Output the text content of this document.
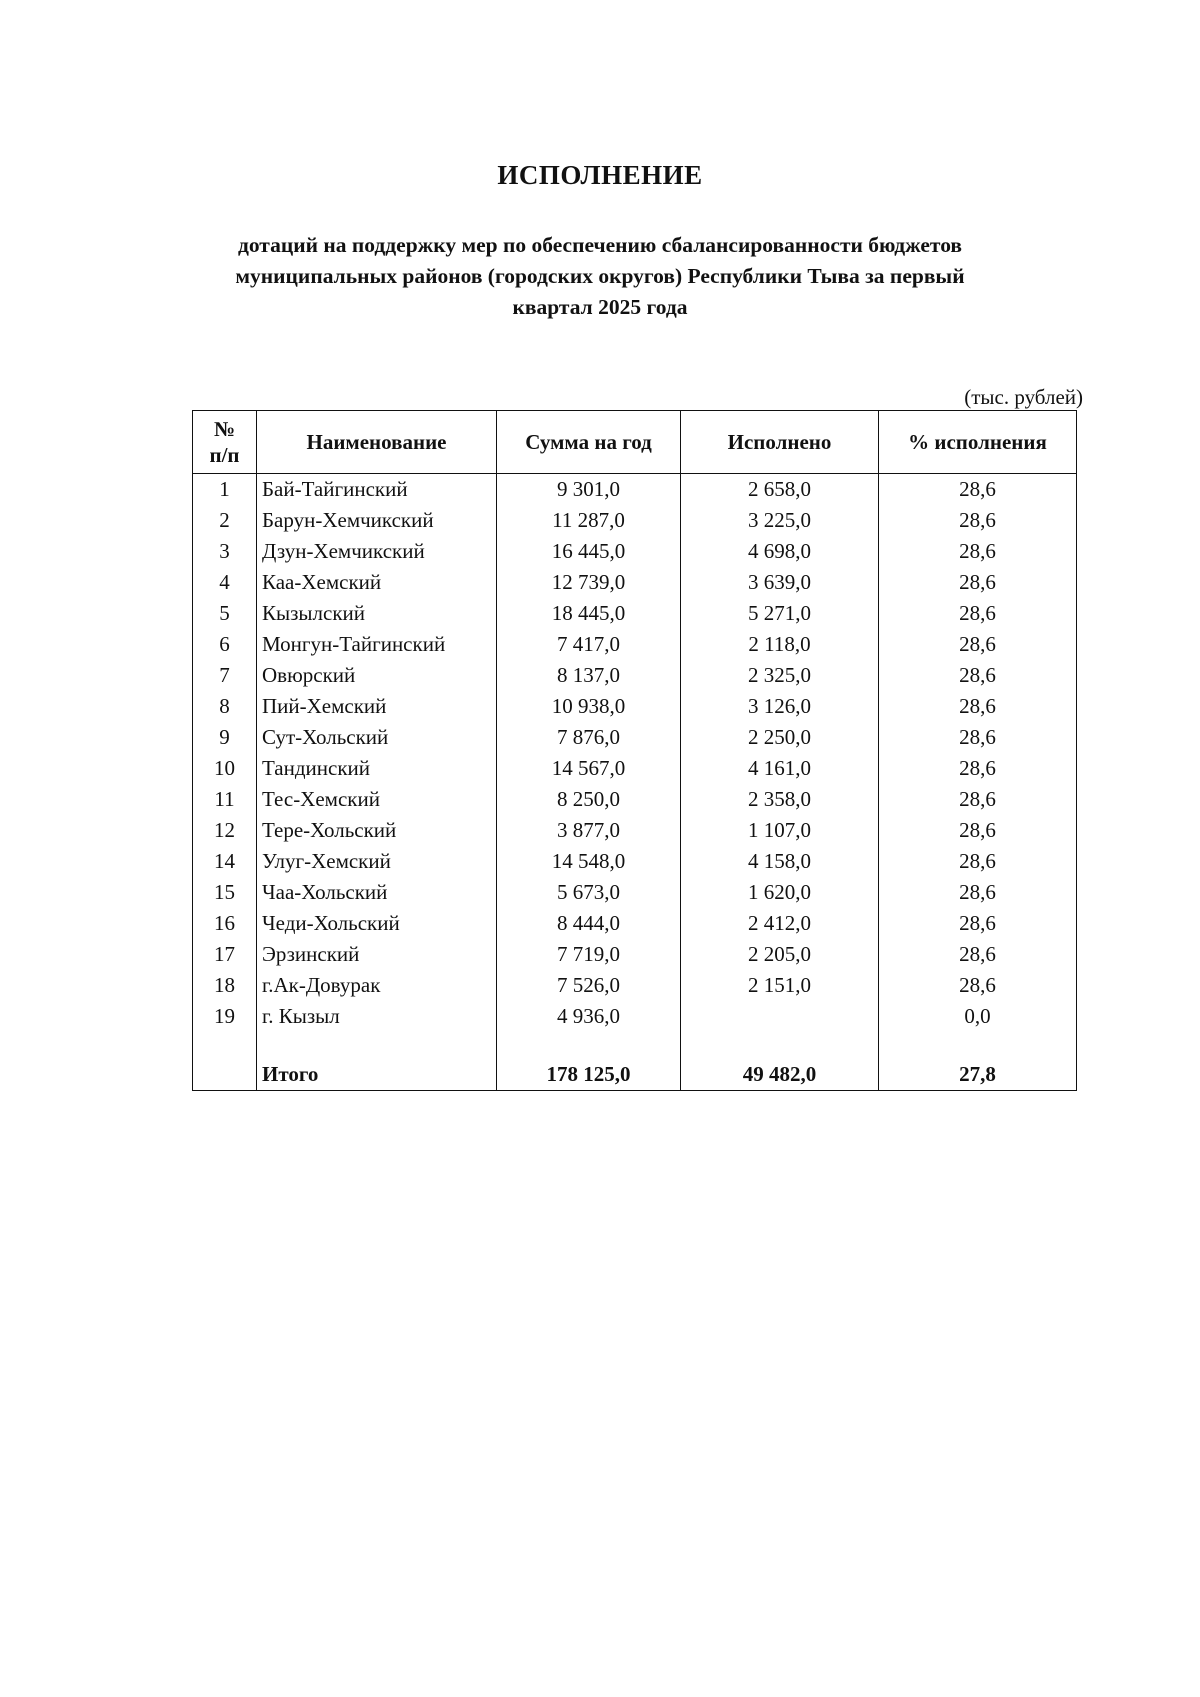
ИСПОЛНЕНИЕ
дотаций на поддержку мер по обеспечению сбалансированности бюджетов муниципальных районов (городских округов) Республики Тыва за первый квартал 2025 года
(тыс. рублей)
№
п/п	Наименование	Сумма на год	Исполнено	% исполнения
1	Бай-Тайгинский	9 301,0	2 658,0	28,6
2	Барун-Хемчикский	11 287,0	3 225,0	28,6
3	Дзун-Хемчикский	16 445,0	4 698,0	28,6
4	Каа-Хемский	12 739,0	3 639,0	28,6
5	Кызылский	18 445,0	5 271,0	28,6
6	Монгун-Тайгинский	7 417,0	2 118,0	28,6
7	Овюрский	8 137,0	2 325,0	28,6
8	Пий-Хемский	10 938,0	3 126,0	28,6
9	Сут-Хольский	7 876,0	2 250,0	28,6
10	Тандинский	14 567,0	4 161,0	28,6
11	Тес-Хемский	8 250,0	2 358,0	28,6
12	Тере-Хольский	3 877,0	1 107,0	28,6
14	Улуг-Хемский	14 548,0	4 158,0	28,6
15	Чаа-Хольский	5 673,0	1 620,0	28,6
16	Чеди-Хольский	8 444,0	2 412,0	28,6
17	Эрзинский	7 719,0	2 205,0	28,6
18	г.Ак-Довурак	7 526,0	2 151,0	28,6
19	г. Кызыл	4 936,0		0,0

	Итого	178 125,0	49 482,0	27,8
